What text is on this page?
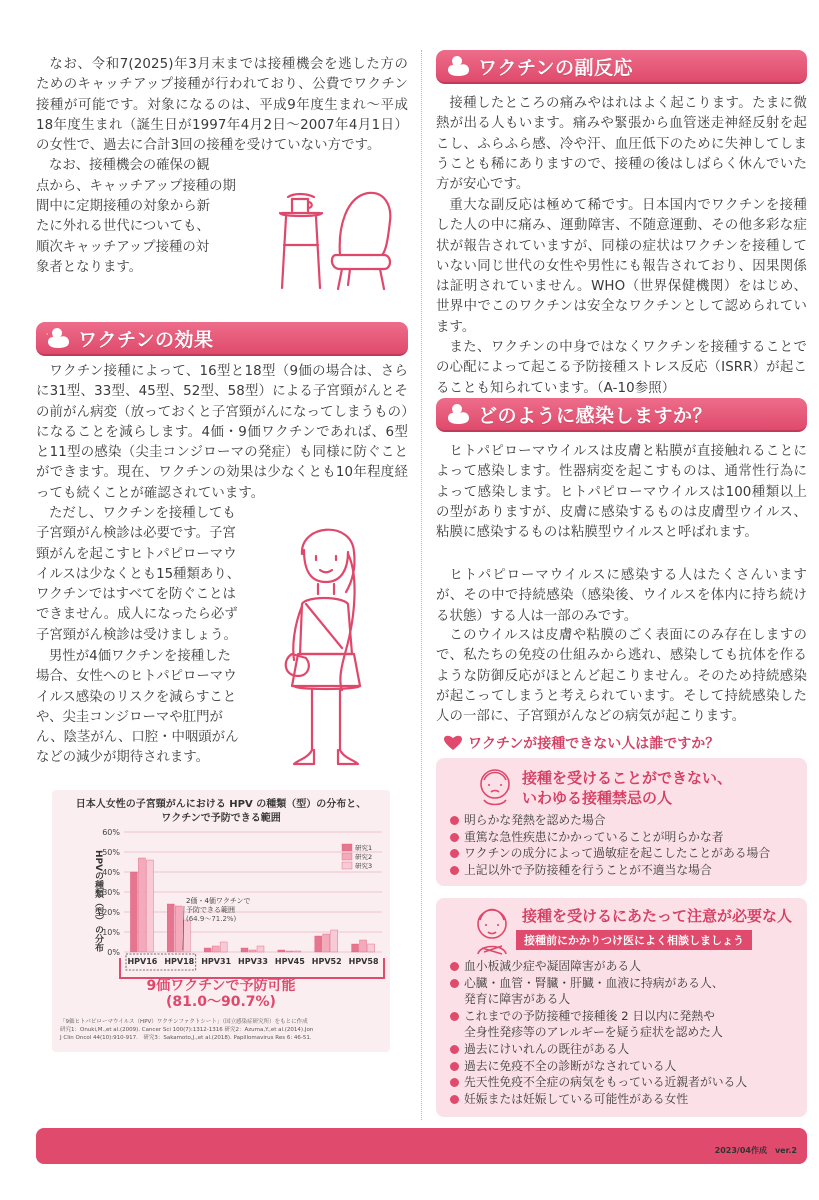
なお、令和7(2025)年3月末までは接種機会を逃した方のためのキャッチアップ接種が行われており、公費でワクチン接種が可能です。対象になるのは、平成9年度生まれ～平成18年度生まれ（誕生日が1997年4月2日～2007年4月1日）の女性で、過去に合計3回の接種を受けていない方です。

なお、接種機会の確保の観
点から、キャッチアップ接種の期
間中に定期接種の対象から新
たに外れる世代についても、
順次キャッチアップ接種の対
象者となります。
ワクチンの効果

ワクチン接種によって、16型と18型（9価の場合は、さらに31型、33型、45型、52型、58型）による子宮頸がんとその前がん病変（放っておくと子宮頸がんになってしまうもの）になることを減らします。4価・9価ワクチンであれば、6型と11型の感染（尖圭コンジローマの発症）も同様に防ぐことができます。現在、ワクチンの効果は少なくとも10年程度経っても続くことが確認されています。

ただし、ワクチンを接種しても
子宮頸がん検診は必要です。子宮
頸がんを起こすヒトパピローマウ
イルスは少なくとも15種類あり、
ワクチンではすべてを防ぐことは
できません。成人になったら必ず
子宮頸がん検診は受けましょう。
男性が4価ワクチンを接種した
場合、女性へのヒトパピローマウ
イルス感染のリスクを減らすこと
や、尖圭コンジローマや肛門が
ん、陰茎がん、口腔・中咽頭がん
などの減少が期待されます。
日本人女性の子宮頸がんにおける HPV の種類（型）の分布と、
ワクチンで予防できる範囲
0%
10%
20%
30%
40%
50%
60%
HPVの種類（型）の分布
HPV16 HPV18 HPV31 HPV33 HPV45 HPV52 HPV58
研究1
研究2
研究3
2価・4価ワクチンで
予防できる範囲
(64.9〜71.2%)
9価ワクチンで予防可能
(81.0〜90.7%)
「9価ヒトパピローマウイルス（HPV）ワクチンファクトシート」（国立感染症研究所）をもとに作成
研究1：Onuki,M.,et al.(2009). Cancer Sci 100(7):1312-1316 研究2：Azuma,Y.,et al.(2014).Jon
J Clin Oncol 44(10):910-917.　研究3：Sakamoto,J.,et al.(2018). Papillomavirus Res 6: 46-51.
ワクチンの副反応

接種したところの痛みやはれはよく起こります。たまに微熱が出る人もいます。痛みや緊張から血管迷走神経反射を起こし、ふらふら感、冷や汗、血圧低下のために失神してしまうことも稀にありますので、接種の後はしばらく休んでいた方が安心です。

重大な副反応は極めて稀です。日本国内でワクチンを接種した人の中に痛み、運動障害、不随意運動、その他多彩な症状が報告されていますが、同様の症状はワクチンを接種していない同じ世代の女性や男性にも報告されており、因果関係は証明されていません。WHO（世界保健機関）をはじめ、世界中でこのワクチンは安全なワクチンとして認められています。

また、ワクチンの中身ではなくワクチンを接種することでの心配によって起こる予防接種ストレス反応（ISRR）が起こることも知られています。（A-10参照）

どのように感染しますか？

ヒトパピローマウイルスは皮膚と粘膜が直接触れることによって感染します。性器病変を起こすものは、通常性行為によって感染します。ヒトパピローマウイルスは100種類以上の型がありますが、皮膚に感染するものは皮膚型ウイルス、粘膜に感染するものは粘膜型ウイルスと呼ばれます。

ヒトパピローマウイルスに感染する人はたくさんいますが、その中で持続感染（感染後、ウイルスを体内に持ち続ける状態）する人は一部のみです。

このウイルスは皮膚や粘膜のごく表面にのみ存在しますので、私たちの免疫の仕組みから逃れ、感染しても抗体を作るような防御反応がほとんど起こりません。そのため持続感染が起こってしまうと考えられています。そして持続感染した人の一部に、子宮頸がんなどの病気が起こります。

ワクチンが接種できない人は誰ですか？
接種を受けることができない、
いわゆる接種禁忌の人
明らかな発熱を認めた場合
重篤な急性疾患にかかっていることが明らかな者
ワクチンの成分によって過敏症を起こしたことがある場合
上記以外で予防接種を行うことが不適当な場合
接種を受けるにあたって注意が必要な人
接種前にかかりつけ医によく相談しましょう
血小板減少症や凝固障害がある人
心臓・血管・腎臓・肝臓・血液に持病がある人、
発育に障害がある人
これまでの予防接種で接種後 2 日以内に発熱や
全身性発疹等のアレルギーを疑う症状を認めた人
過去にけいれんの既往がある人
過去に免疫不全の診断がなされている人
先天性免疫不全症の病気をもっている近親者がいる人
妊娠または妊娠している可能性がある女性
2023/04作成　ver.2
